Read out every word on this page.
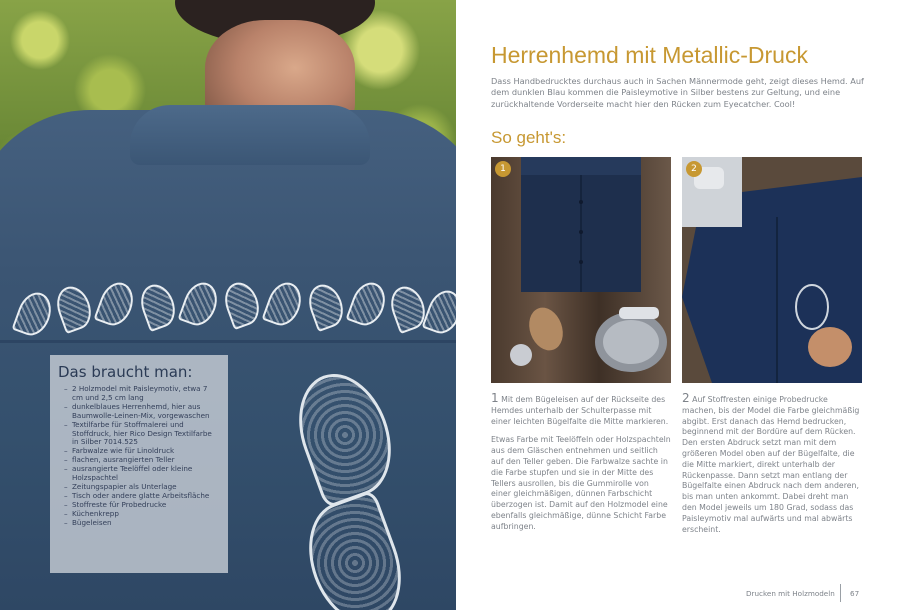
Das braucht man:
– 2 Holzmodel mit Paisleymotiv, etwa 7 cm und 2,5 cm lang
– dunkelblaues Herrenhemd, hier aus Baumwolle-Leinen-Mix, vorgewaschen
– Textilfarbe für Stoffmalerei und Stoffdruck, hier Rico Design Textilfarbe in Silber 7014.525
– Farbwalze wie für Linoldruck
– flachen, ausrangierten Teller
– ausrangierte Teelöffel oder kleine Holzspachtel
– Zeitungspapier als Unterlage
– Tisch oder andere glatte Arbeitsfläche
– Stoffreste für Probedrucke
– Küchenkrepp
– Bügeleisen
Herrenhemd mit Metallic-Druck
Dass Handbedrucktes durchaus auch in Sachen Männermode geht, zeigt dieses Hemd. Auf dem dunklen Blau kommen die Paisleymotive in Silber bestens zur Geltung, und eine zurückhaltende Vorderseite macht hier den Rücken zum Eyecatcher. Cool!
So geht's:
1	2

1 Mit dem Bügeleisen auf der Rückseite des Hemdes unterhalb der Schulterpasse mit einer leichten Bügelfalte die Mitte markieren.

Etwas Farbe mit Teelöffeln oder Holzspachteln aus dem Gläschen entnehmen und seitlich auf den Teller geben. Die Farbwalze sachte in die Farbe stupfen und sie in der Mitte des Tellers ausrollen, bis die Gummirolle von einer gleichmäßigen, dünnen Farbschicht überzogen ist. Damit auf den Holzmodel eine ebenfalls gleichmäßige, dünne Schicht Farbe aufbringen.

2 Auf Stoffresten einige Probedrucke machen, bis der Model die Farbe gleichmäßig abgibt. Erst danach das Hemd bedrucken, beginnend mit der Bordüre auf dem Rücken. Den ersten Abdruck setzt man mit dem größeren Model oben auf der Bügelfalte, die die Mitte markiert, direkt unterhalb der Rückenpasse. Dann setzt man entlang der Bügelfalte einen Abdruck nach dem anderen, bis man unten ankommt. Dabei dreht man den Model jeweils um 180 Grad, sodass das Paisleymotiv mal aufwärts und mal abwärts erscheint.

Drucken mit Holzmodeln 67
